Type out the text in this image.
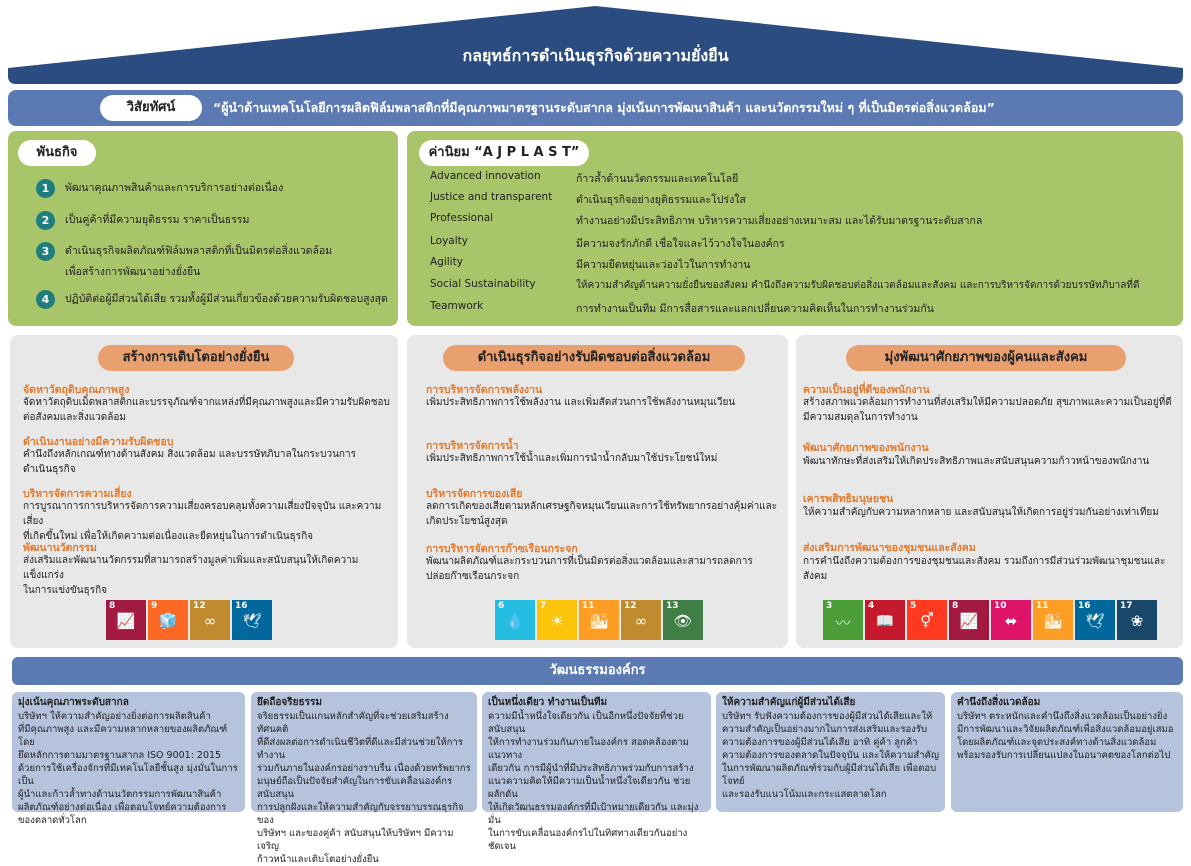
กลยุทธ์การดำเนินธุรกิจด้วยความยั่งยืน
วิสัยทัศน์	“ผู้นำด้านเทคโนโลยีการผลิตฟิล์มพลาสติกที่มีคุณภาพมาตรฐานระดับสากล มุ่งเน้นการพัฒนาสินค้า และนวัตกรรมใหม่ ๆ ที่เป็นมิตรต่อสิ่งแวดล้อม”
พันธกิจ
1	พัฒนาคุณภาพสินค้าและการบริการอย่างต่อเนื่อง
2	เป็นคู่ค้าที่มีความยุติธรรม ราคาเป็นธรรม
3	ดำเนินธุรกิจผลิตภัณฑ์ฟิล์มพลาสติกที่เป็นมิตรต่อสิ่งแวดล้อม
เพื่อสร้างการพัฒนาอย่างยั่งยืน
4	ปฏิบัติต่อผู้มีส่วนได้เสีย รวมทั้งผู้มีส่วนเกี่ยวข้องด้วยความรับผิดชอบสูงสุด
ค่านิยม “A J P L A S T”
Advanced innovation	ก้าวล้ำด้านนวัตกรรมและเทคโนโลยี
Justice and transparent	ดำเนินธุรกิจอย่างยุติธรรมและโปร่งใส
Professional	ทำงานอย่างมีประสิทธิภาพ บริหารความเสี่ยงอย่างเหมาะสม และได้รับมาตรฐานระดับสากล
Loyalty	มีความจงรักภักดี เชื่อใจและไว้วางใจในองค์กร
Agility	มีความยืดหยุ่นและว่องไวในการทำงาน
Social Sustainability	ให้ความสำคัญด้านความยั่งยืนของสังคม คำนึงถึงความรับผิดชอบต่อสิ่งแวดล้อมและสังคม และการบริหารจัดการด้วยบรรษัทภิบาลที่ดี
Teamwork	การทำงานเป็นทีม มีการสื่อสารและแลกเปลี่ยนความคิดเห็นในการทำงานร่วมกัน
สร้างการเติบโตอย่างยั่งยืน
จัดหาวัตถุดิบคุณภาพสูง
จัดหาวัตถุดิบเม็ดพลาสติกและบรรจุภัณฑ์จากแหล่งที่มีคุณภาพสูงและมีความรับผิดชอบ
ต่อสังคมและสิ่งแวดล้อม
ดำเนินงานอย่างมีความรับผิดชอบ
คำนึงถึงหลักเกณฑ์ทางด้านสังคม สิ่งแวดล้อม และบรรษัทภิบาลในกระบวนการ
ดำเนินธุรกิจ
บริหารจัดการความเสี่ยง
การบูรณาการการบริหารจัดการความเสี่ยงครอบคลุมทั้งความเสี่ยงปัจจุบัน และความเสี่ยง
ที่เกิดขึ้นใหม่ เพื่อให้เกิดความต่อเนื่องและยืดหยุ่นในการดำเนินธุรกิจ
พัฒนานวัตกรรม
ส่งเสริมและพัฒนานวัตกรรมที่สามารถสร้างมูลค่าเพิ่มและสนับสนุนให้เกิดความแข็งแกร่ง
ในการแข่งขันธุรกิจ
8
📈
9
🧊
12
∞
16
🕊
ดำเนินธุรกิจอย่างรับผิดชอบต่อสิ่งแวดล้อม
การบริหารจัดการพลังงาน
เพิ่มประสิทธิภาพการใช้พลังงาน และเพิ่มสัดส่วนการใช้พลังงานหมุนเวียน
การบริหารจัดการน้ำ
เพิ่มประสิทธิภาพการใช้น้ำและเพิ่มการนำน้ำกลับมาใช้ประโยชน์ใหม่
บริหารจัดการของเสีย
ลดการเกิดของเสียตามหลักเศรษฐกิจหมุนเวียนและการใช้ทรัพยากรอย่างคุ้มค่าและ
เกิดประโยชน์สูงสุด
การบริหารจัดการก๊าซเรือนกระจก
พัฒนาผลิตภัณฑ์และกระบวนการที่เป็นมิตรต่อสิ่งแวดล้อมและสามารถลดการ
ปล่อยก๊าซเรือนกระจก
6
💧
7
☀
11
🏙
12
∞
13
👁
มุ่งพัฒนาศักยภาพของผู้คนและสังคม
ความเป็นอยู่ที่ดีของพนักงาน
สร้างสภาพแวดล้อมการทำงานที่ส่งเสริมให้มีความปลอดภัย สุขภาพและความเป็นอยู่ที่ดี
มีความสมดุลในการทำงาน
พัฒนาศักยภาพของพนักงาน
พัฒนาทักษะที่ส่งเสริมให้เกิดประสิทธิภาพและสนับสนุนความก้าวหน้าของพนักงาน
เคารพสิทธิมนุษยชน
ให้ความสำคัญกับความหลากหลาย และสนับสนุนให้เกิดการอยู่ร่วมกันอย่างเท่าเทียม
ส่งเสริมการพัฒนาของชุมชนและสังคม
การคำนึงถึงความต้องการของชุมชนและสังคม รวมถึงการมีส่วนร่วมพัฒนาชุมชนและสังคม
3
〰
4
📖
5
⚥
8
📈
10
⬌
11
🏙
16
🕊
17
❀
วัฒนธรรมองค์กร
มุ่งเน้นคุณภาพระดับสากล
บริษัทฯ ให้ความสำคัญอย่างยิ่งต่อการผลิตสินค้า
ที่มีคุณภาพสูง และมีความหลากหลายของผลิตภัณฑ์ โดย
ยึดหลักการตามมาตรฐานสากล ISO 9001: 2015
ด้วยการใช้เครื่องจักรที่มีเทคโนโลยีชั้นสูง มุ่งมั่นในการเป็น
ผู้นำและก้าวล้ำทางด้านนวัตกรรมการพัฒนาสินค้า
ผลิตภัณฑ์อย่างต่อเนื่อง เพื่อตอบโจทย์ความต้องการ
ของตลาดทั่วโลก
ยึดถือจริยธรรม
จริยธรรมเป็นแกนหลักสำคัญที่จะช่วยเสริมสร้างทัศนคติ
ที่ดีส่งผลต่อการดำเนินชีวิตที่ดีและมีส่วนช่วยให้การทำงาน
ร่วมกันภายในองค์กรอย่างราบรื่น เนื่องด้วยทรัพยากร
มนุษย์ถือเป็นปัจจัยสำคัญในการขับเคลื่อนองค์กรสนับสนุน
การปลูกฝังและให้ความสำคัญกับจรรยาบรรณธุรกิจของ
บริษัทฯ และของคู่ค้า สนับสนุนให้บริษัทฯ มีความเจริญ
ก้าวหน้าและเติบโตอย่างยั่งยืน
เป็นหนึ่งเดียว ทำงานเป็นทีม
ความมีน้ำหนึ่งใจเดียวกัน เป็นอีกหนึ่งปัจจัยที่ช่วยสนับสนุน
ให้การทำงานร่วมกันภายในองค์กร สอดคล้องตามแนวทาง
เดียวกัน การมีผู้นำที่มีประสิทธิภาพร่วมกับการสร้าง
แนวความคิดให้มีความเป็นน้ำหนึ่งใจเดียวกัน ช่วยผลักดัน
ให้เกิดวัฒนธรรมองค์กรที่มีเป้าหมายเดียวกัน และมุ่งมั่น
ในการขับเคลื่อนองค์กรไปในทิศทางเดียวกันอย่างชัดเจน
ให้ความสำคัญแก่ผู้มีส่วนได้เสีย
บริษัทฯ รับฟังความต้องการของผู้มีส่วนได้เสียและให้
ความสำคัญเป็นอย่างมากในการส่งเสริมและรองรับ
ความต้องการของผู้มีส่วนได้เสีย อาทิ คู่ค้า ลูกค้า
ความต้องการของตลาดในปัจจุบัน และให้ความสำคัญ
ในการพัฒนาผลิตภัณฑ์ร่วมกับผู้มีส่วนได้เสีย เพื่อตอบโจทย์
และรองรับแนวโน้มและกระแสตลาดโลก
คำนึงถึงสิ่งแวดล้อม
บริษัทฯ ตระหนักและคำนึงถึงสิ่งแวดล้อมเป็นอย่างยิ่ง
มีการพัฒนาและวิจัยผลิตภัณฑ์เพื่อสิ่งแวดล้อมอยู่เสมอ
โดยผลิตภัณฑ์และจุดประสงค์ทางด้านสิ่งแวดล้อม
พร้อมรองรับการเปลี่ยนแปลงในอนาคตของโลกต่อไป
